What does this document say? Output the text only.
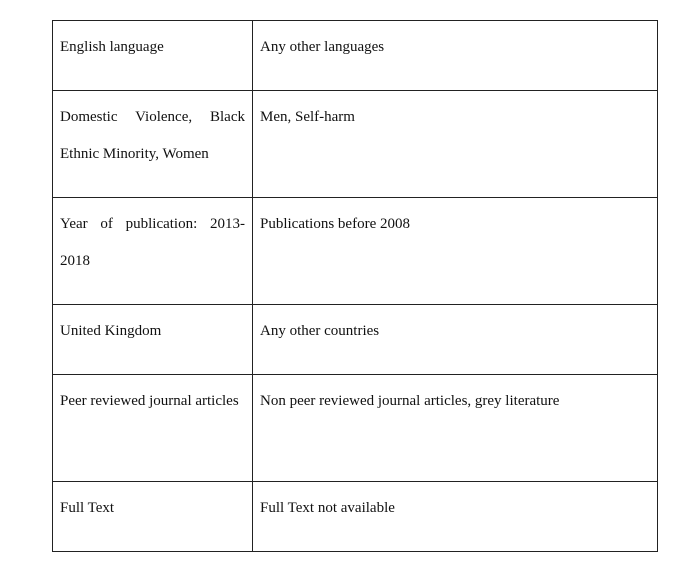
English language	Any other languages

Domestic Violence, Black Ethnic Minority, Women	Men, Self-harm

Year of publication: 2013-2018	Publications before 2008

United Kingdom	Any other countries

Peer reviewed journal articles	Non peer reviewed journal articles, grey literature

Full Text	Full Text not available
